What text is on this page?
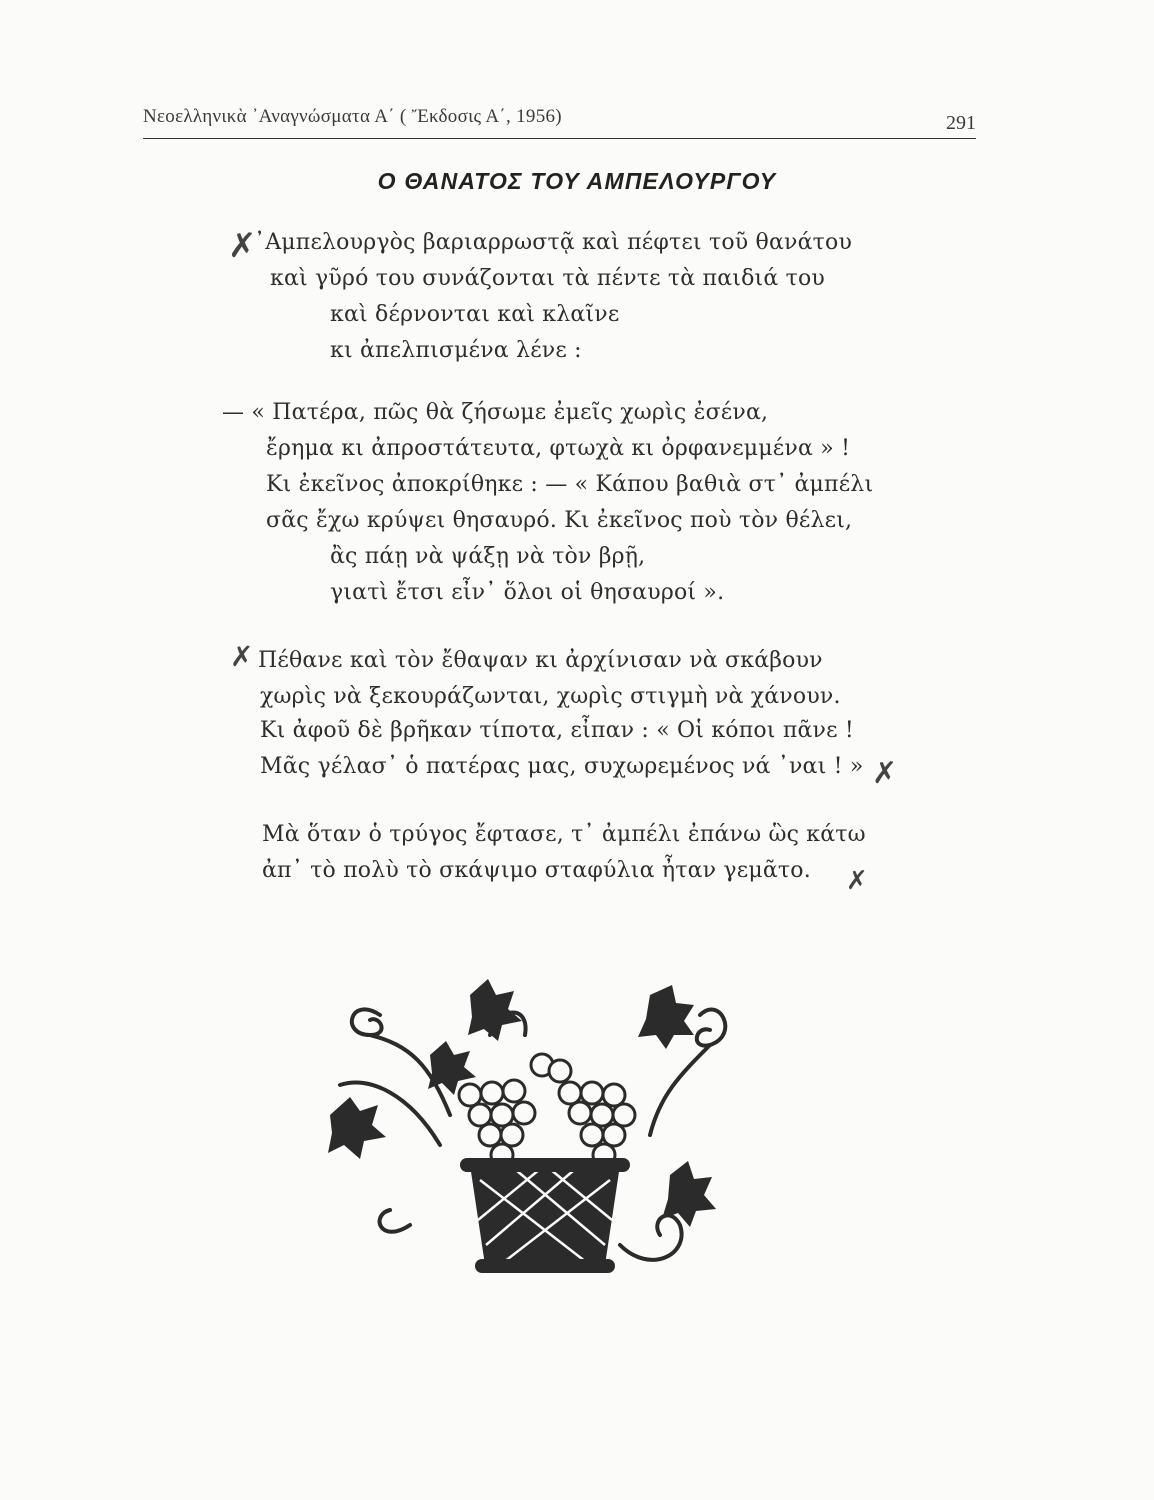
Νεοελληνικὰ ᾿Αναγνώσματα Α΄ ( Ἔκδοσις Α΄, 1956)	291
Ο ΘΑΝΑΤΟΣ ΤΟΥ ΑΜΠΕΛΟΥΡΓΟΥ
᾿Αμπελουργὸς βαριαρρωστᾷ καὶ πέφτει τοῦ θανάτου
καὶ γῦρό του συνάζονται τὰ πέντε τὰ παιδιά του
καὶ δέρνονται καὶ κλαῖνε
κι ἀπελπισμένα λένε :
— « Πατέρα, πῶς θὰ ζήσωμε ἐμεῖς χωρὶς ἐσένα,
ἔρημα κι ἀπροστάτευτα, φτωχὰ κι ὀρφανεμμένα » !
Κι ἐκεῖνος ἀποκρίθηκε : — « Κάπου βαθιὰ στ᾿ ἀμπέλι
σᾶς ἔχω κρύψει θησαυρό. Κι ἐκεῖνος ποὺ τὸν θέλει,
ἂς πάῃ νὰ ψάξῃ νὰ τὸν βρῇ,
γιατὶ ἔτσι εἶν᾿ ὅλοι οἱ θησαυροί ».
Πέθανε καὶ τὸν ἔθαψαν κι ἀρχίνισαν νὰ σκάβουν
χωρὶς νὰ ξεκουράζωνται, χωρὶς στιγμὴ νὰ χάνουν.
Κι ἀφοῦ δὲ βρῆκαν τίποτα, εἶπαν : « Οἱ κόποι πᾶνε !
Μᾶς γέλασ᾿ ὁ πατέρας μας, συχωρεμένος νά ᾿ναι ! »
Μὰ ὅταν ὁ τρύγος ἔφτασε, τ᾿ ἀμπέλι ἐπάνω ὣς κάτω
ἀπ᾿ τὸ πολὺ τὸ σκάψιμο σταφύλια ἦταν γεμᾶτο.
✗
✗
✗
✗
